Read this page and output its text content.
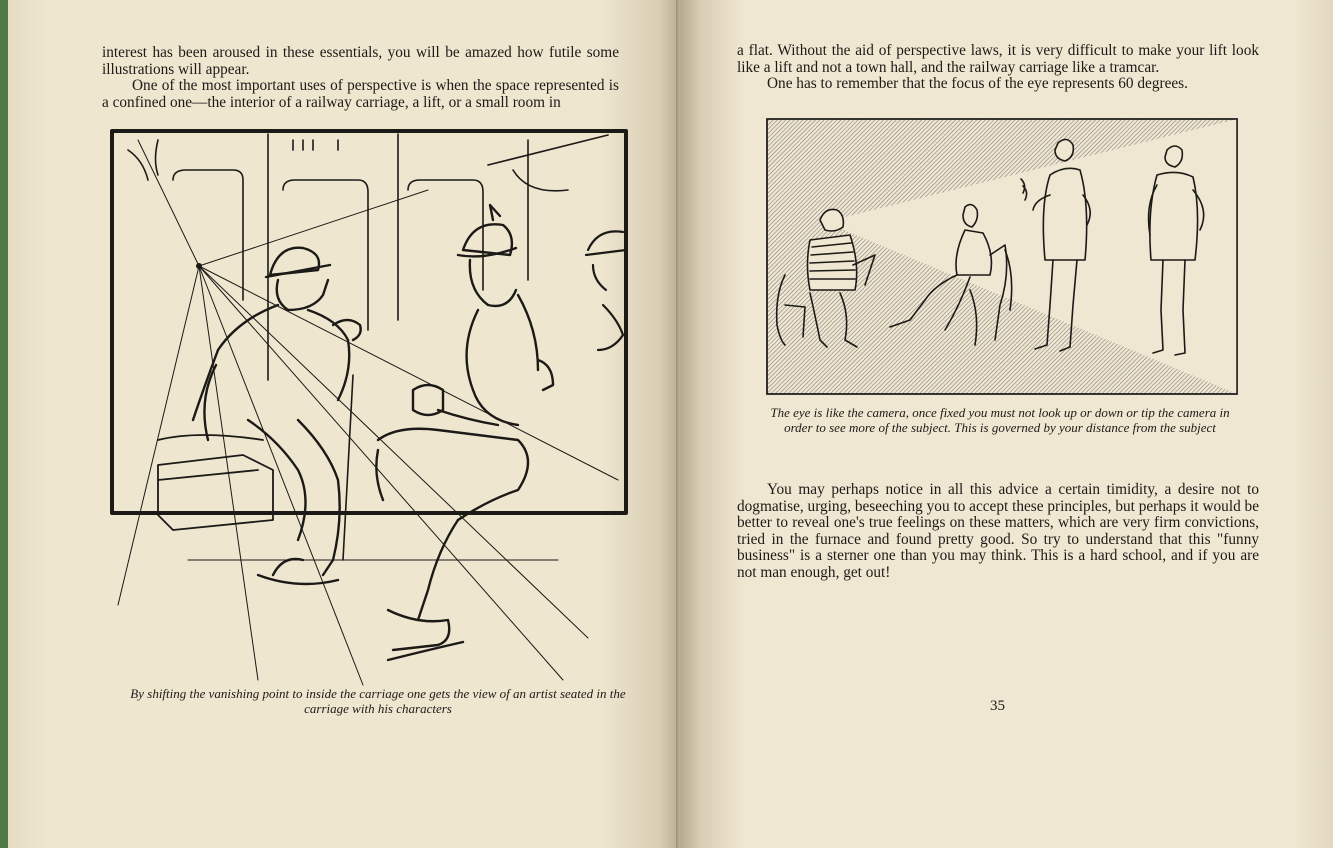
interest has been aroused in these essentials, you will be amazed how futile some illustrations will appear.

One of the most important uses of perspective is when the space represented is a confined one—the interior of a railway carriage, a lift, or a small room in

By shifting the vanishing point to inside the carriage one gets the view of an artist seated in the carriage with his characters

a flat. Without the aid of perspective laws, it is very difficult to make your lift look like a lift and not a town hall, and the railway carriage like a tramcar.

One has to remember that the focus of the eye represents 60 degrees.

The eye is like the camera, once fixed you must not look up or down or tip the camera in order to see more of the subject. This is governed by your distance from the subject

You may perhaps notice in all this advice a certain timidity, a desire not to dogmatise, urging, beseeching you to accept these principles, but perhaps it would be better to reveal one's true feelings on these matters, which are very firm convictions, tried in the furnace and found pretty good. So try to understand that this "funny business" is a sterner one than you may think. This is a hard school, and if you are not man enough, get out!

35
